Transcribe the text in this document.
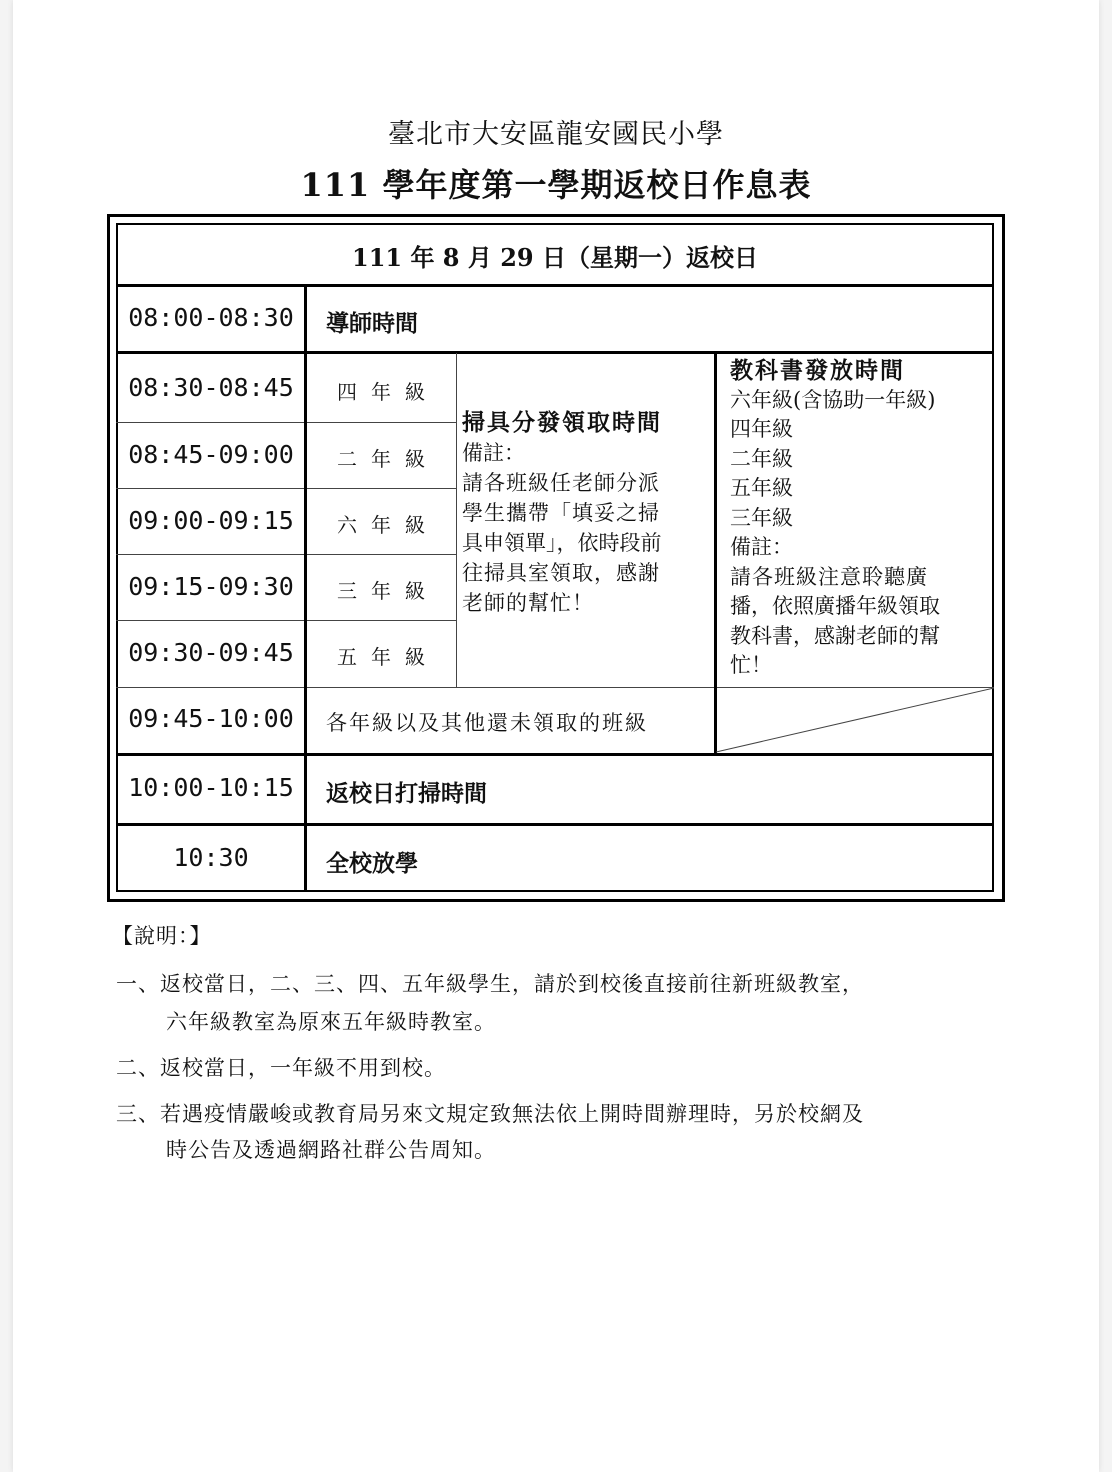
臺北市大安區龍安國民小學
111 學年度第一學期返校日作息表
111 年 8 月 29 日（星期一）返校日
08:00-08:30
08:30-08:45
08:45-09:00
09:00-09:15
09:15-09:30
09:30-09:45
09:45-10:00
10:00-10:15
10:30
導師時間
各年級以及其他還未領取的班級
返校日打掃時間
全校放學
四年級
二年級
六年級
三年級
五年級
掃具分發領取時間
備註：
請各班級任老師分派
學生攜帶「填妥之掃
具申領單」，依時段前
往掃具室領取，感謝
老師的幫忙！
教科書發放時間
六年級(含協助一年級)
四年級
二年級
五年級
三年級
備註：
請各班級注意聆聽廣
播，依照廣播年級領取
教科書，感謝老師的幫
忙！
【說明：】
一、返校當日，二、三、四、五年級學生，請於到校後直接前往新班級教室，
六年級教室為原來五年級時教室。
二、返校當日，一年級不用到校。
三、若遇疫情嚴峻或教育局另來文規定致無法依上開時間辦理時，另於校網及
時公告及透過網路社群公告周知。
